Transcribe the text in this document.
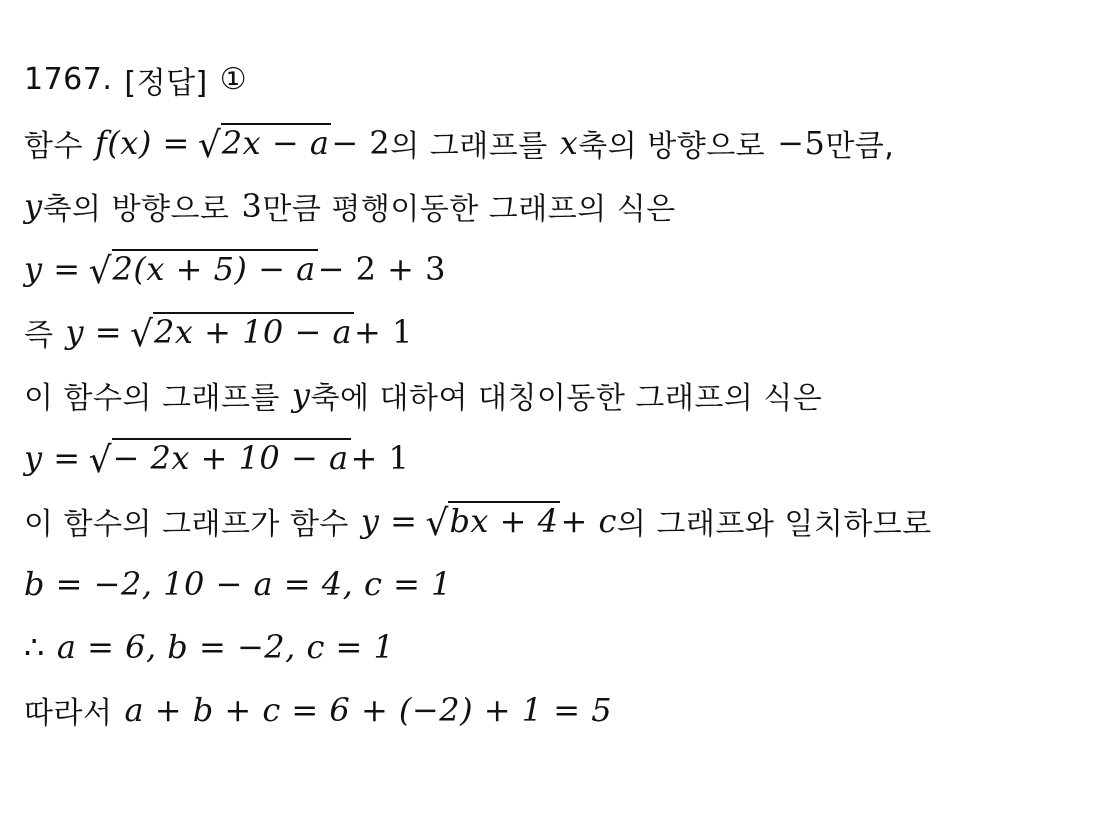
1767. [정답] ①
함수 f(x) = √ 2x − a − 2 의 그래프를 x 축의 방향으로 −5 만큼,
y 축의 방향으로 3 만큼 평행이동한 그래프의 식은
y = √ 2(x + 5) − a − 2 + 3
즉 y = √ 2x + 10 − a + 1
이 함수의 그래프를 y 축에 대하여 대칭이동한 그래프의 식은
y = √ − 2x + 10 − a + 1
이 함수의 그래프가 함수 y = √ bx + 4 + c 의 그래프와 일치하므로
b = −2, 10 − a = 4, c = 1
∴ a = 6, b = −2, c = 1
따라서 a + b + c = 6 + (−2) + 1 = 5
